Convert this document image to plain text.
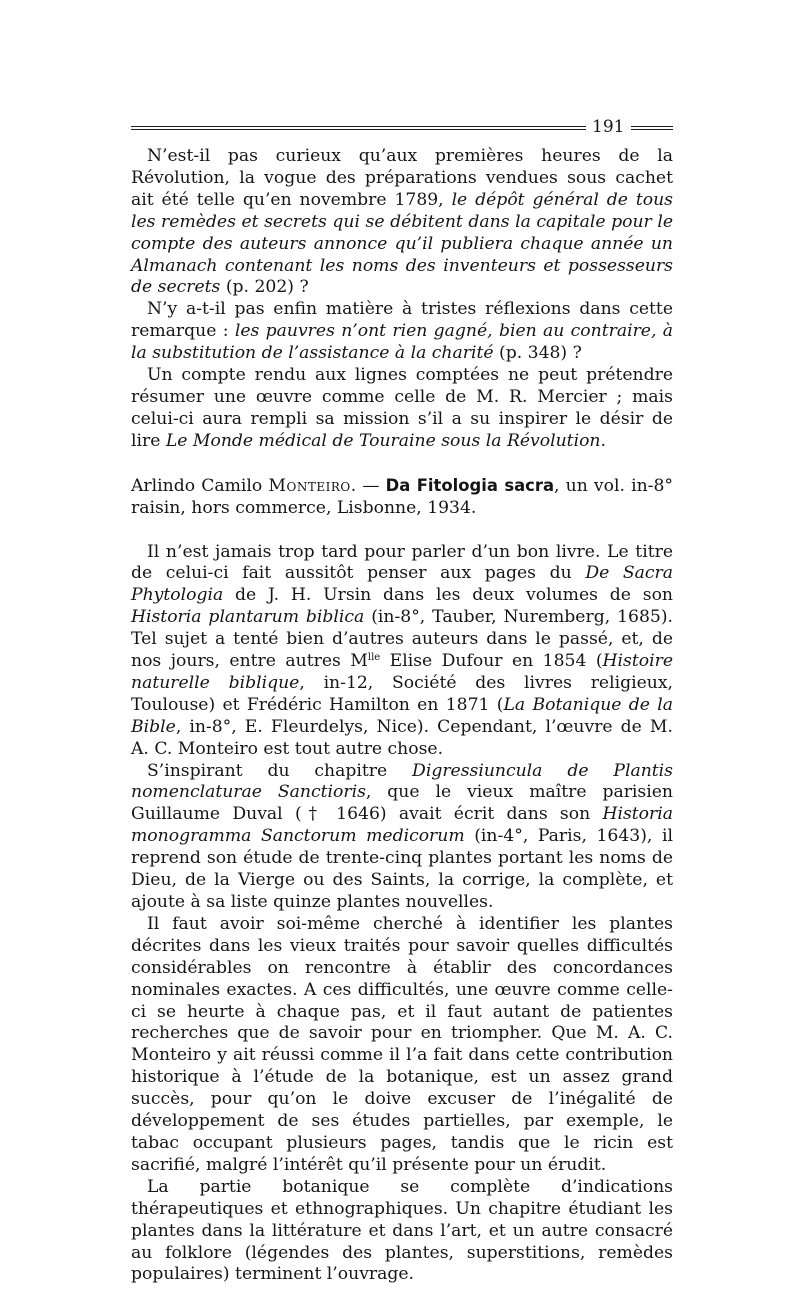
191

N’est-il pas curieux qu’aux premières heures de la Révolution, la vogue des préparations vendues sous cachet ait été telle qu’en novembre 1789, le dépôt général de tous les remèdes et secrets qui se débitent dans la capitale pour le compte des auteurs annonce qu’il publiera chaque année un Almanach contenant les noms des inventeurs et possesseurs de secrets (p. 202) ?

N’y a-t-il pas enfin matière à tristes réflexions dans cette remarque : les pauvres n’ont rien gagné, bien au contraire, à la substitution de l’assistance à la charité (p. 348) ?

Un compte rendu aux lignes comptées ne peut prétendre résumer une œuvre comme celle de M. R. Mercier ; mais celui-ci aura rempli sa mission s’il a su inspirer le désir de lire Le Monde médical de Touraine sous la Révolution.

Arlindo Camilo Monteiro. — Da Fitologia sacra, un vol. in-8° raisin, hors commerce, Lisbonne, 1934.

Il n’est jamais trop tard pour parler d’un bon livre. Le titre de celui-ci fait aussitôt penser aux pages du De Sacra Phytologia de J. H. Ursin dans les deux volumes de son Historia plantarum biblica (in-8°, Tauber, Nuremberg, 1685). Tel sujet a tenté bien d’autres auteurs dans le passé, et, de nos jours, entre autres $M^{lle}$ Elise Dufour en 1854 (Histoire naturelle biblique, in-12, Société des livres religieux, Toulouse) et Frédéric Hamilton en 1871 (La Botanique de la Bible, in-8°, E. Fleurdelys, Nice). Cependant, l’œuvre de M. A. C. Monteiro est tout autre chose.

S’inspirant du chapitre Digressiuncula de Plantis nomenclaturae Sanctioris, que le vieux maître parisien Guillaume Duval († 1646) avait écrit dans son Historia monogramma Sanctorum medicorum (in-4°, Paris, 1643), il reprend son étude de trente-cinq plantes portant les noms de Dieu, de la Vierge ou des Saints, la corrige, la complète, et ajoute à sa liste quinze plantes nouvelles.

Il faut avoir soi-même cherché à identifier les plantes décrites dans les vieux traités pour savoir quelles difficultés considérables on rencontre à établir des concordances nominales exactes. A ces difficultés, une œuvre comme celle-ci se heurte à chaque pas, et il faut autant de patientes recherches que de savoir pour en triompher. Que M. A. C. Monteiro y ait réussi comme il l’a fait dans cette contribution historique à l’étude de la botanique, est un assez grand succès, pour qu’on le doive excuser de l’inégalité de développement de ses études partielles, par exemple, le tabac occupant plusieurs pages, tandis que le ricin est sacrifié, malgré l’intérêt qu’il présente pour un érudit.

La partie botanique se complète d’indications thérapeutiques et ethnographiques. Un chapitre étudiant les plantes dans la littérature et dans l’art, et un autre consacré au folklore (légendes des plantes, superstitions, remèdes populaires) terminent l’ouvrage.
